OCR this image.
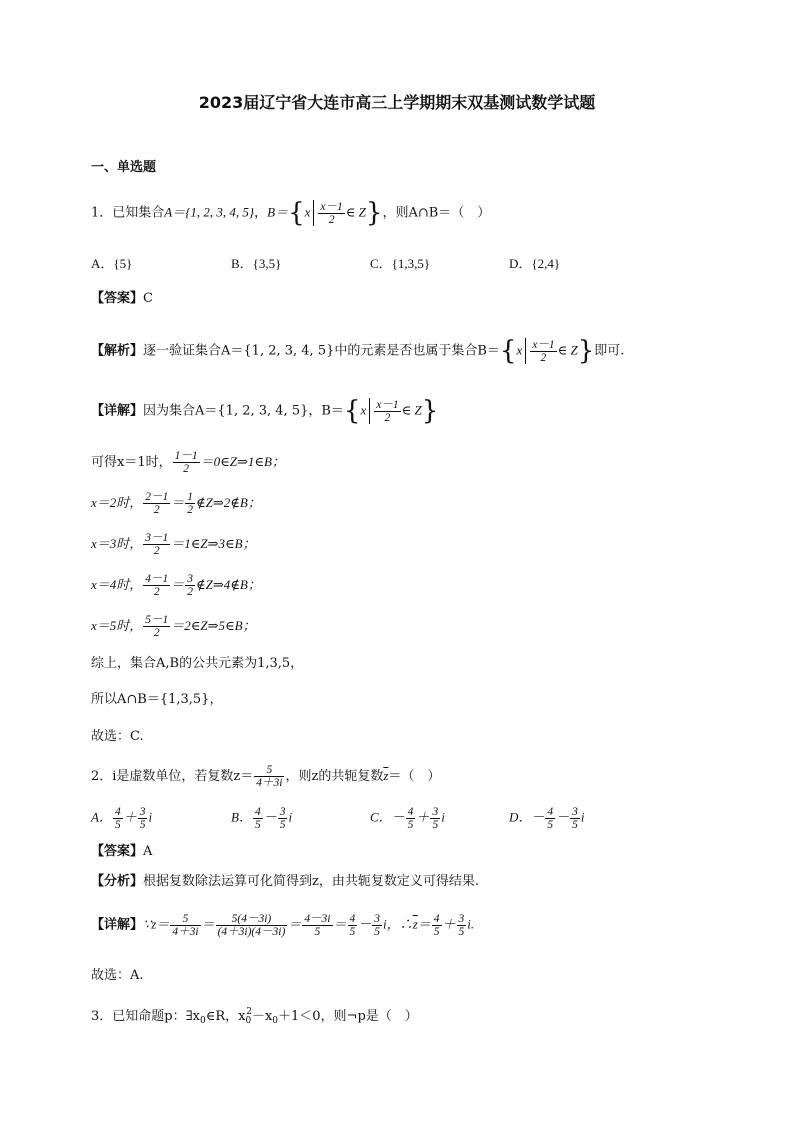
2023届辽宁省大连市高三上学期期末双基测试数学试题
一、单选题
1．已知集合A＝{1, 2, 3, 4, 5}，$B=\{x \frac{x-1}{2}$ ∈ Z}，则A∩B＝（　）
A．{5}	B．{3,5}	C．{1,3,5}	D．{2,4}
【答案】C
【解析】逐一验证集合A＝{1, 2, 3, 4, 5}中的元素是否也属于集合$B=\{x \frac{x-1}{2}$ ∈ Z}即可.
【详解】因为集合A＝{1, 2, 3, 4, 5}，$B=\{x \frac{x-1}{2}$ ∈ Z}
可得x＝1时， $\frac{1-1}{2}$ ＝0∈Z⇒1∈B；
x＝2时， $\frac{2-1}{2} = \frac{1}{2}$ ∉Z⇒2∉B；
x＝3时， $\frac{3-1}{2}$ ＝1∈Z⇒3∈B；
x＝4时， $\frac{4-1}{2} = \frac{3}{2}$ ∉Z⇒4∉B；
x＝5时， $\frac{5-1}{2}$ ＝2∈Z⇒5∈B；
综上，集合A,B的公共元素为1,3,5，
所以A∩B＝{1,3,5}，
故选：C.
2．i是虚数单位，若复数$z= \frac{5}{4+3i}$ ，则z的共轭复数$\overline{z}=$（　）
A． $\frac{4}{5} + \frac{3}{5}$ i	B． $\frac{4}{5} - \frac{3}{5}$ i	C．－ $\frac{4}{5} + \frac{3}{5}$ i	D．－ $\frac{4}{5} - \frac{3}{5}$ i
【答案】A
【分析】根据复数除法运算可化简得到z，由共轭复数定义可得结果.
【详解】∵z＝ $\frac{5}{4+3i} = \frac{5(4-3i)}{(4+3i)(4-3i)} = \frac{4-3i}{5} = \frac{4}{5} - \frac{3}{5}$ i，$\therefore\overline{z}= \frac{4}{5} + \frac{3}{5} i$.
故选：A.
3．已知命题p：$\exists x_0\in R$，$x_0^2-x_0+1<0$，则¬p是（　）
